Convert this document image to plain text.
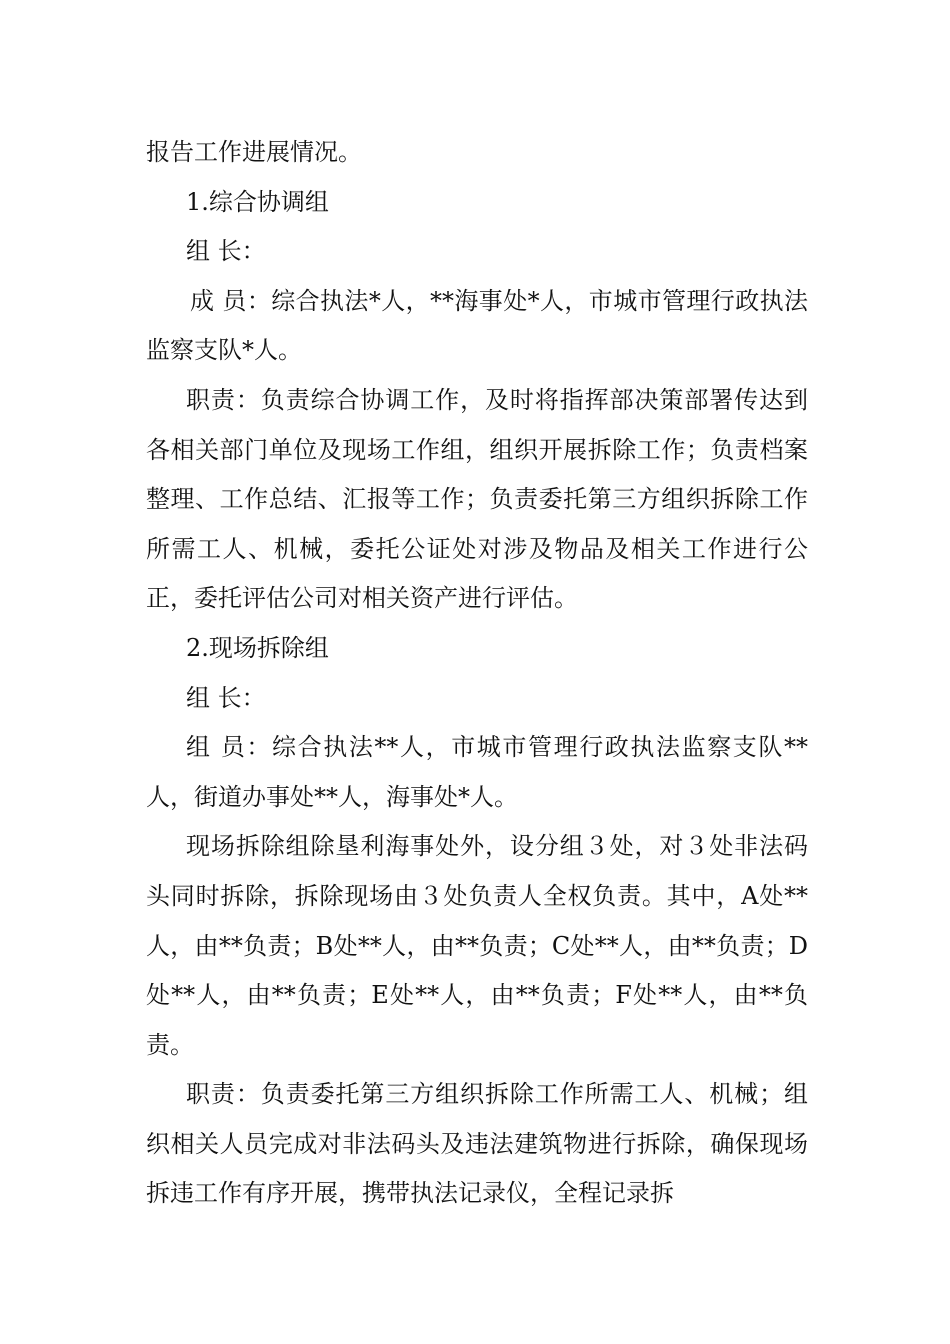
报告工作进展情况。

1.综合协调组

组 长：

成 员：综合执法*人，**海事处*人，市城市管理行政执法监察支队*人。

职责：负责综合协调工作，及时将指挥部决策部署传达到各相关部门单位及现场工作组，组织开展拆除工作；负责档案整理、工作总结、汇报等工作；负责委托第三方组织拆除工作所需工人、机械，委托公证处对涉及物品及相关工作进行公正，委托评估公司对相关资产进行评估。

2.现场拆除组

组 长：

组 员：综合执法**人，市城市管理行政执法监察支队**人，街道办事处**人，海事处*人。

现场拆除组除垦利海事处外，设分组３处，对３处非法码头同时拆除，拆除现场由３处负责人全权负责。其中，A处**人，由**负责；B处**人，由**负责；C处**人，由**负责；D处**人，由**负责；E处**人，由**负责；F处**人，由**负责。

职责：负责委托第三方组织拆除工作所需工人、机械；组织相关人员完成对非法码头及违法建筑物进行拆除，确保现场拆违工作有序开展，携带执法记录仪，全程记录拆
